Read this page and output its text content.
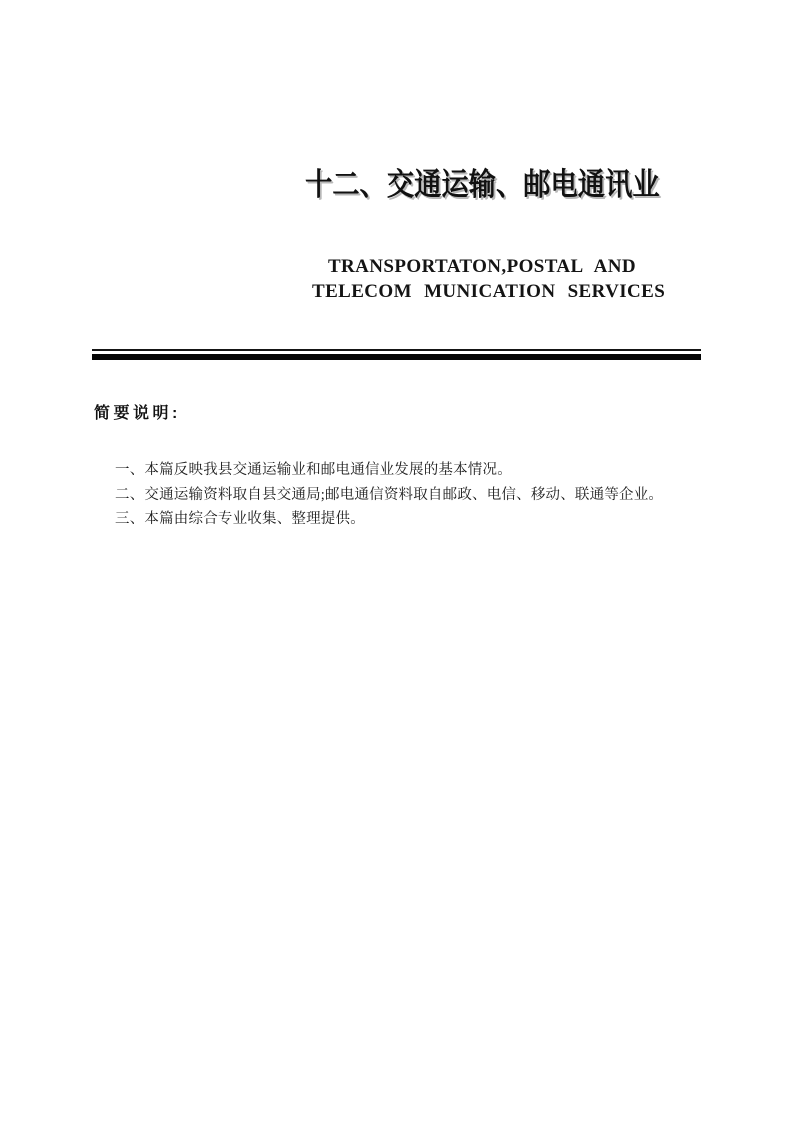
十二、交通运输、邮电通讯业
TRANSPORTATON,POSTAL AND
TELECOM MUNICATION SERVICES
简要说明:
一、本篇反映我县交通运输业和邮电通信业发展的基本情况。
二、交通运输资料取自县交通局;邮电通信资料取自邮政、电信、移动、联通等企业。
三、本篇由综合专业收集、整理提供。
